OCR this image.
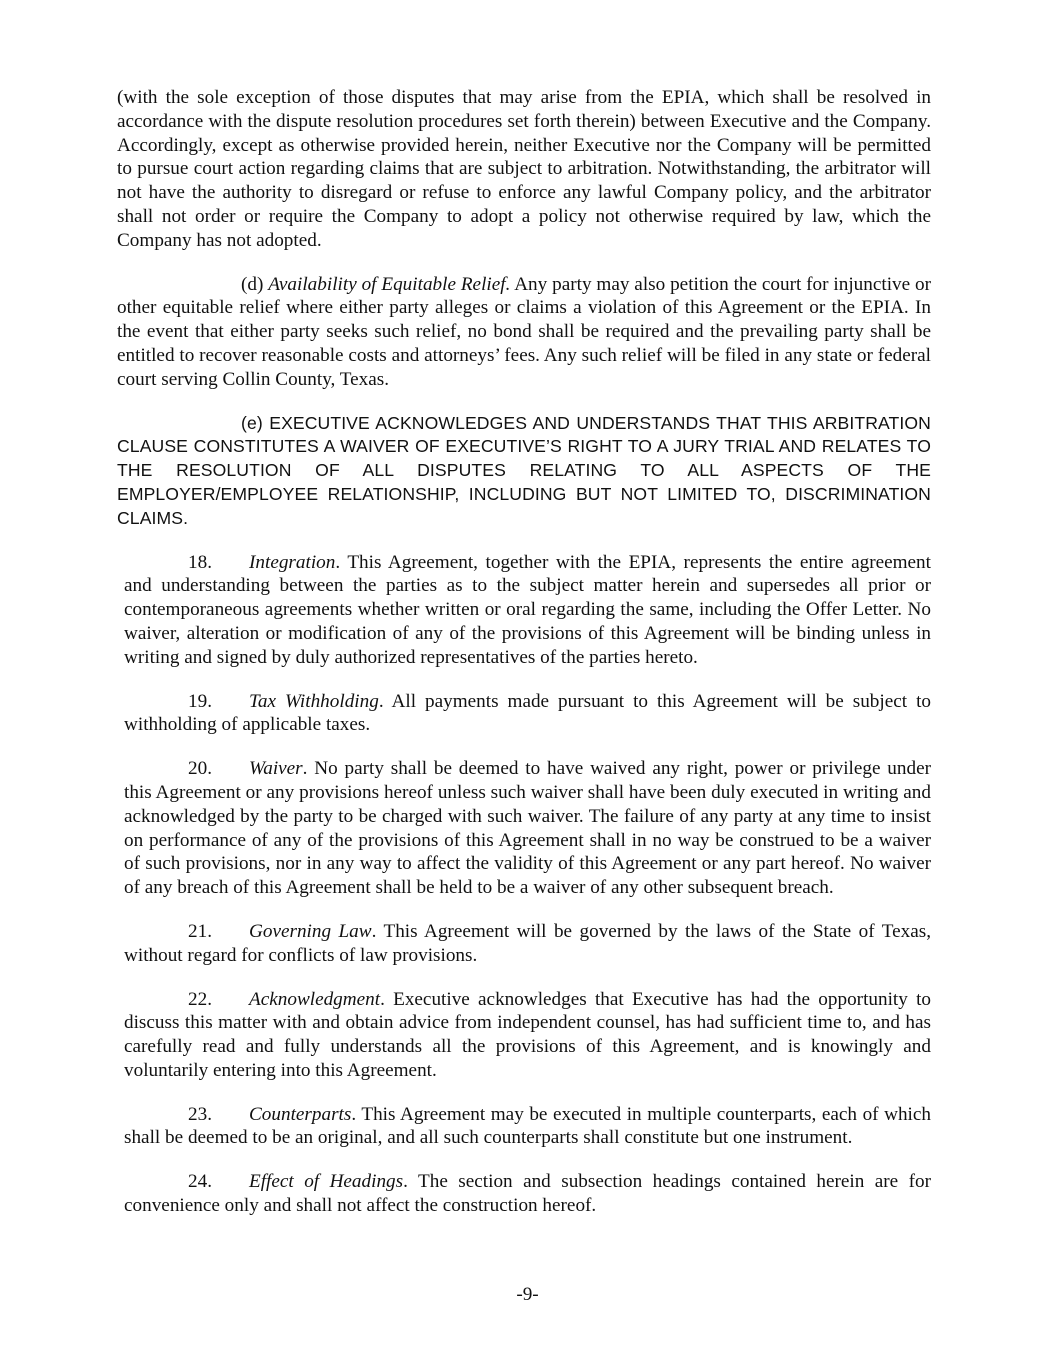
(with the sole exception of those disputes that may arise from the EPIA, which shall be resolved in accordance with the dispute resolution procedures set forth therein) between Executive and the Company. Accordingly, except as otherwise provided herein, neither Executive nor the Company will be permitted to pursue court action regarding claims that are subject to arbitration. Notwithstanding, the arbitrator will not have the authority to disregard or refuse to enforce any lawful Company policy, and the arbitrator shall not order or require the Company to adopt a policy not otherwise required by law, which the Company has not adopted.

(d) Availability of Equitable Relief. Any party may also petition the court for injunctive or other equitable relief where either party alleges or claims a violation of this Agreement or the EPIA. In the event that either party seeks such relief, no bond shall be required and the prevailing party shall be entitled to recover reasonable costs and attorneys’ fees. Any such relief will be filed in any state or federal court serving Collin County, Texas.

(e) EXECUTIVE ACKNOWLEDGES AND UNDERSTANDS THAT THIS ARBITRATION CLAUSE CONSTITUTES A WAIVER OF EXECUTIVE’S RIGHT TO A JURY TRIAL AND RELATES TO THE RESOLUTION OF ALL DISPUTES RELATING TO ALL ASPECTS OF THE EMPLOYER/EMPLOYEE RELATIONSHIP, INCLUDING BUT NOT LIMITED TO, DISCRIMINATION CLAIMS.

18. Integration. This Agreement, together with the EPIA, represents the entire agreement and understanding between the parties as to the subject matter herein and supersedes all prior or contemporaneous agreements whether written or oral regarding the same, including the Offer Letter. No waiver, alteration or modification of any of the provisions of this Agreement will be binding unless in writing and signed by duly authorized representatives of the parties hereto.

19. Tax Withholding. All payments made pursuant to this Agreement will be subject to withholding of applicable taxes.

20. Waiver. No party shall be deemed to have waived any right, power or privilege under this Agreement or any provisions hereof unless such waiver shall have been duly executed in writing and acknowledged by the party to be charged with such waiver. The failure of any party at any time to insist on performance of any of the provisions of this Agreement shall in no way be construed to be a waiver of such provisions, nor in any way to affect the validity of this Agreement or any part hereof. No waiver of any breach of this Agreement shall be held to be a waiver of any other subsequent breach.

21. Governing Law. This Agreement will be governed by the laws of the State of Texas, without regard for conflicts of law provisions.

22. Acknowledgment. Executive acknowledges that Executive has had the opportunity to discuss this matter with and obtain advice from independent counsel, has had sufficient time to, and has carefully read and fully understands all the provisions of this Agreement, and is knowingly and voluntarily entering into this Agreement.

23. Counterparts. This Agreement may be executed in multiple counterparts, each of which shall be deemed to be an original, and all such counterparts shall constitute but one instrument.

24. Effect of Headings. The section and subsection headings contained herein are for convenience only and shall not affect the construction hereof.

-9-
